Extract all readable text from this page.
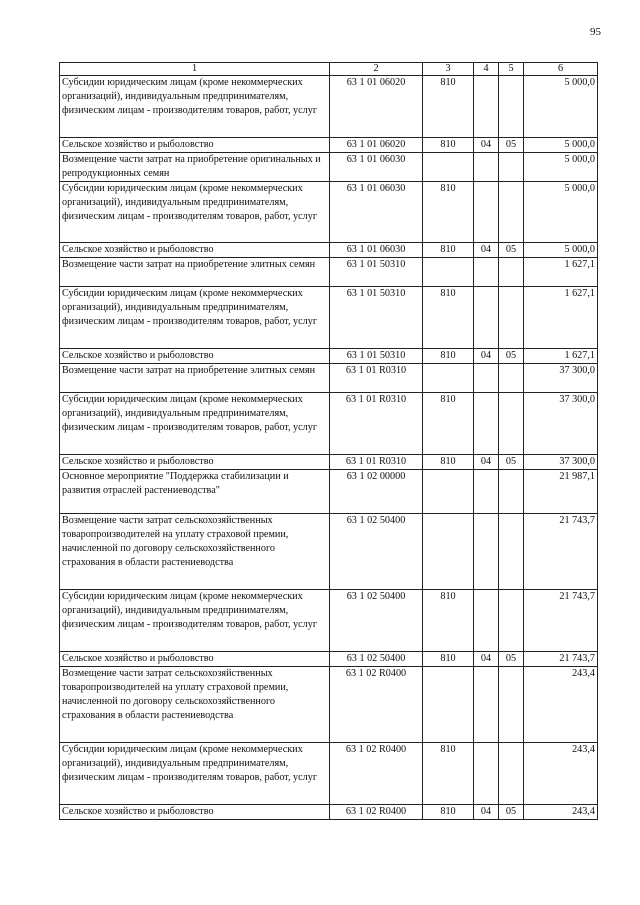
95
1	2	3	4	5	6
Субсидии юридическим лицам (кроме некоммерческих организаций), индивидуальным предпринимателям, физическим лицам - производителям товаров, работ, услуг	63 1 01 06020	810			5 000,0
Сельское хозяйство и рыболовство	63 1 01 06020	810	04	05	5 000,0
Возмещение части затрат на приобретение оригинальных и репродукционных семян	63 1 01 06030				5 000,0
Субсидии юридическим лицам (кроме некоммерческих организаций), индивидуальным предпринимателям, физическим лицам - производителям товаров, работ, услуг	63 1 01 06030	810			5 000,0
Сельское хозяйство и рыболовство	63 1 01 06030	810	04	05	5 000,0
Возмещение части затрат на приобретение элитных семян	63 1 01 50310				1 627,1
Субсидии юридическим лицам (кроме некоммерческих организаций), индивидуальным предпринимателям, физическим лицам - производителям товаров, работ, услуг	63 1 01 50310	810			1 627,1
Сельское хозяйство и рыболовство	63 1 01 50310	810	04	05	1 627,1
Возмещение части затрат на приобретение элитных семян	63 1 01 R0310				37 300,0
Субсидии юридическим лицам (кроме некоммерческих организаций), индивидуальным предпринимателям, физическим лицам - производителям товаров, работ, услуг	63 1 01 R0310	810			37 300,0
Сельское хозяйство и рыболовство	63 1 01 R0310	810	04	05	37 300,0
Основное мероприятие "Поддержка стабилизации и развития отраслей растениеводства"	63 1 02 00000				21 987,1
Возмещение части затрат сельскохозяйственных товаропроизводителей на уплату страховой премии, начисленной по договору сельскохозяйственного страхования в области растениеводства	63 1 02 50400				21 743,7
Субсидии юридическим лицам (кроме некоммерческих организаций), индивидуальным предпринимателям, физическим лицам - производителям товаров, работ, услуг	63 1 02 50400	810			21 743,7
Сельское хозяйство и рыболовство	63 1 02 50400	810	04	05	21 743,7
Возмещение части затрат сельскохозяйственных товаропроизводителей на уплату страховой премии, начисленной по договору сельскохозяйственного страхования в области растениеводства	63 1 02 R0400				243,4
Субсидии юридическим лицам (кроме некоммерческих организаций), индивидуальным предпринимателям, физическим лицам - производителям товаров, работ, услуг	63 1 02 R0400	810			243,4
Сельское хозяйство и рыболовство	63 1 02 R0400	810	04	05	243,4
